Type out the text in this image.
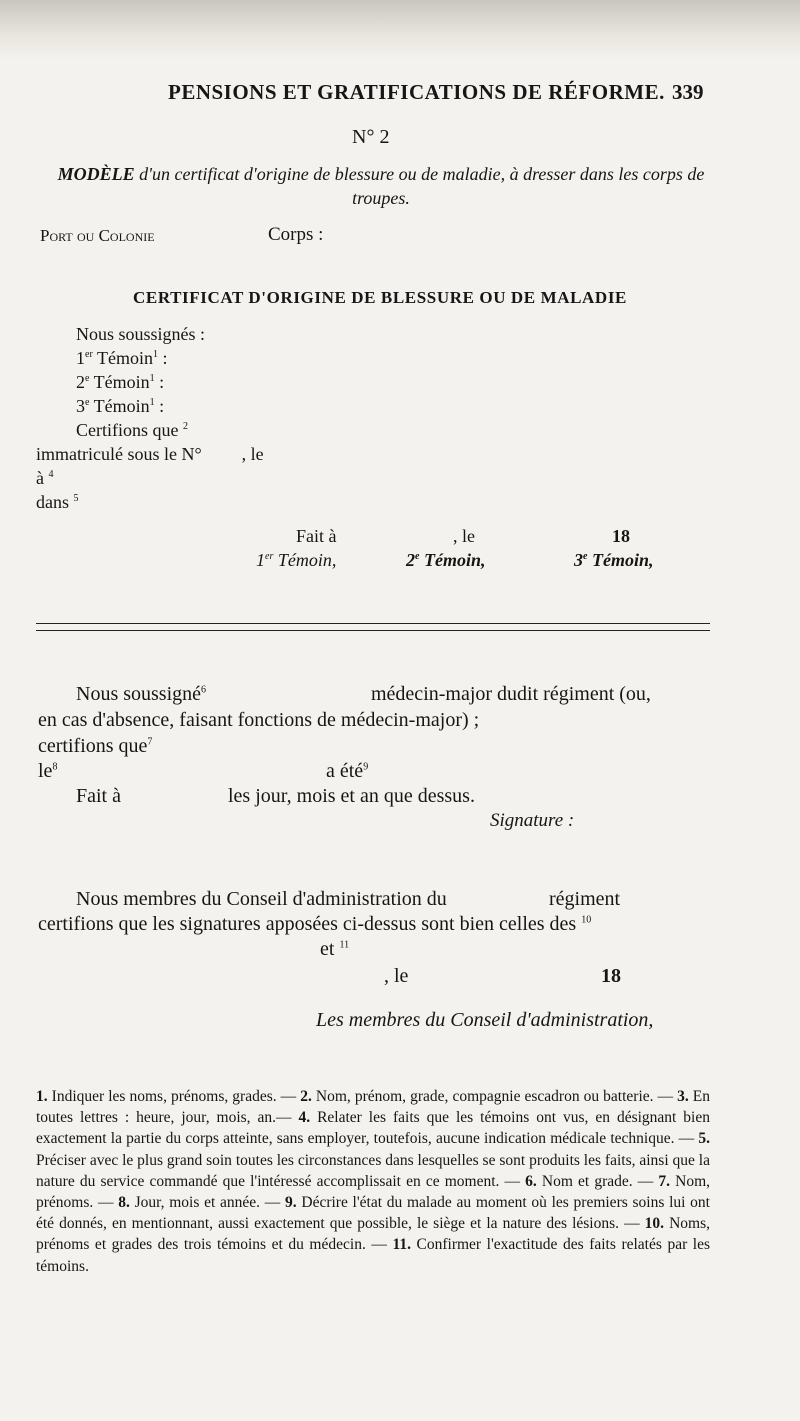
PENSIONS ET GRATIFICATIONS DE RÉFORME. 339
N° 2
MODÈLE d'un certificat d'origine de blessure ou de maladie, à dresser dans les corps de troupes.
Port ou Colonie	Corps :
CERTIFICAT D'ORIGINE DE BLESSURE OU DE MALADIE
Nous soussignés :
1er Témoin$^1$ :
2e Témoin$^1$ :
3e Témoin$^1$ :
Certifions que $^2$
immatriculé sous le N° , le
à $^4$
dans $^5$
Fait à	, le	18
1er Témoin,	2e Témoin,	3e Témoin,
Nous soussigné$^6$	médecin-major dudit régiment (ou,
en cas d'absence, faisant fonctions de médecin-major) ;
certifions que$^7$
$le^8$	a été$^9$
Fait à	les jour, mois et an que dessus.
Signature :
Nous membres du Conseil d'administration du	régiment
certifions que les signatures apposées ci-dessus sont bien celles des $^{10}$
et $^{11}$
, le	18
Les membres du Conseil d'administration,
1. Indiquer les noms, prénoms, grades. — 2. Nom, prénom, grade, compagnie escadron ou batterie. — 3. En toutes lettres : heure, jour, mois, an.— 4. Relater les faits que les témoins ont vus, en désignant bien exactement la partie du corps atteinte, sans employer, toutefois, aucune indication médicale technique. — 5. Préciser avec le plus grand soin toutes les circonstances dans lesquelles se sont produits les faits, ainsi que la nature du service commandé que l'intéressé accomplissait en ce moment. — 6. Nom et grade. — 7. Nom, prénoms. — 8. Jour, mois et année. — 9. Décrire l'état du malade au moment où les premiers soins lui ont été donnés, en mentionnant, aussi exactement que possible, le siège et la nature des lésions. — 10. Noms, prénoms et grades des trois témoins et du médecin. — 11. Confirmer l'exactitude des faits relatés par les témoins.
